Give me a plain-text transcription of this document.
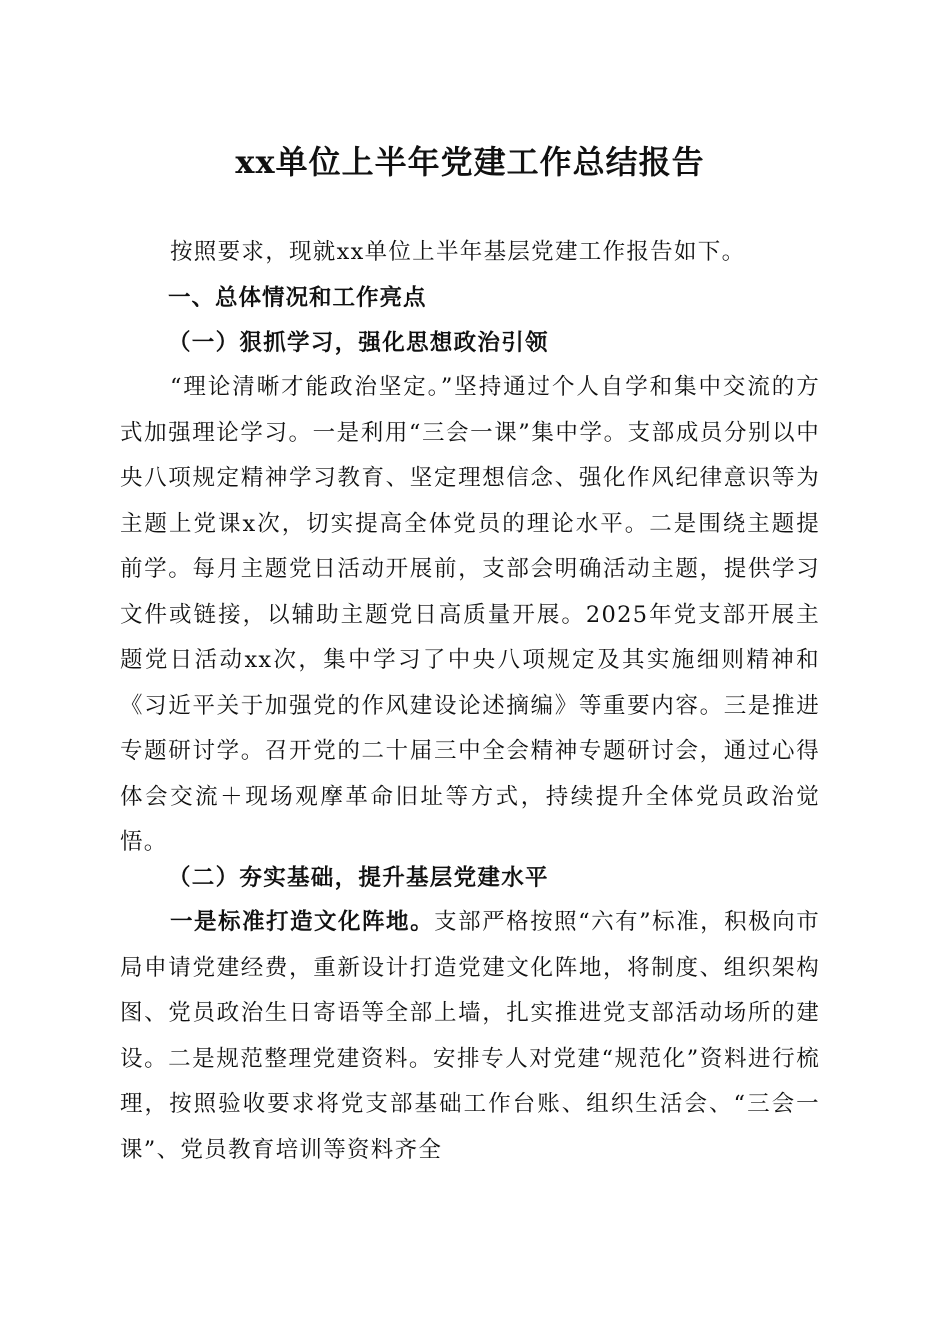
xx单位上半年党建工作总结报告

按照要求，现就xx单位上半年基层党建工作报告如下。

一、总体情况和工作亮点
（一）狠抓学习，强化思想政治引领

“理论清晰才能政治坚定。”坚持通过个人自学和集中交流的方式加强理论学习。一是利用“三会一课”集中学。支部成员分别以中央八项规定精神学习教育、坚定理想信念、强化作风纪律意识等为主题上党课x次，切实提高全体党员的理论水平。二是围绕主题提前学。每月主题党日活动开展前，支部会明确活动主题，提供学习文件或链接，以辅助主题党日高质量开展。2025年党支部开展主题党日活动xx次，集中学习了中央八项规定及其实施细则精神和《习近平关于加强党的作风建设论述摘编》等重要内容。三是推进专题研讨学。召开党的二十届三中全会精神专题研讨会，通过心得体会交流＋现场观摩革命旧址等方式，持续提升全体党员政治觉悟。

（二）夯实基础，提升基层党建水平

一是标准打造文化阵地。支部严格按照“六有”标准，积极向市局申请党建经费，重新设计打造党建文化阵地，将制度、组织架构图、党员政治生日寄语等全部上墙，扎实推进党支部活动场所的建设。二是规范整理党建资料。安排专人对党建“规范化”资料进行梳理，按照验收要求将党支部基础工作台账、组织生活会、“三会一课”、党员教育培训等资料齐全
